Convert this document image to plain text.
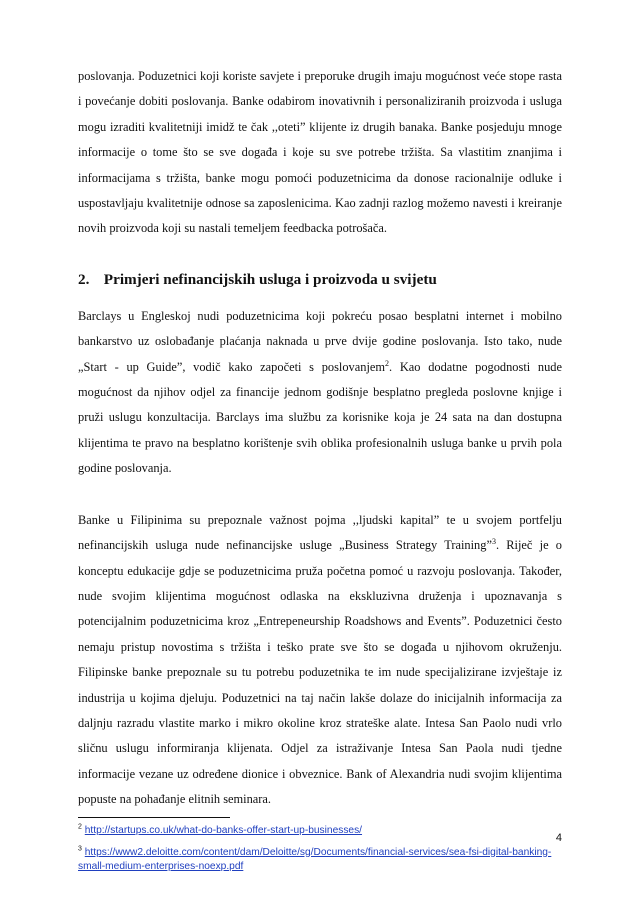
poslovanja. Poduzetnici koji koriste savjete i preporuke drugih imaju mogućnost veće stope rasta i povećanje dobiti poslovanja. Banke odabirom inovativnih i personaliziranih proizvoda i usluga mogu izraditi kvalitetniji imidž te čak ,,oteti” klijente iz drugih banaka. Banke posjeduju mnoge informacije o tome što se sve događa i koje su sve potrebe tržišta. Sa vlastitim znanjima i informacijama s tržišta, banke mogu pomoći poduzetnicima da donose racionalnije odluke i uspostavljaju kvalitetnije odnose sa zaposlenicima. Kao zadnji razlog možemo navesti i kreiranje novih proizvoda koji su nastali temeljem feedbacka potrošača.

2. Primjeri nefinancijskih usluga i proizvoda u svijetu

Barclays u Engleskoj nudi poduzetnicima koji pokreću posao besplatni internet i mobilno bankarstvo uz oslobađanje plaćanja naknada u prve dvije godine poslovanja. Isto tako, nude „Start - up Guide”, vodič kako započeti s poslovanjem$^2$. Kao dodatne pogodnosti nude mogućnost da njihov odjel za financije jednom godišnje besplatno pregleda poslovne knjige i pruži uslugu konzultacija. Barclays ima službu za korisnike koja je 24 sata na dan dostupna klijentima te pravo na besplatno korištenje svih oblika profesionalnih usluga banke u prvih pola godine poslovanja.

Banke u Filipinima su prepoznale važnost pojma ,,ljudski kapital” te u svojem portfelju nefinancijskih usluga nude nefinancijske usluge „Business Strategy Training”$^3$. Riječ je o konceptu edukacije gdje se poduzetnicima pruža početna pomoć u razvoju poslovanja. Također, nude svojim klijentima mogućnost odlaska na ekskluzivna druženja i upoznavanja s potencijalnim poduzetnicima kroz „Entrepeneurship Roadshows and Events”. Poduzetnici često nemaju pristup novostima s tržišta i teško prate sve što se događa u njihovom okruženju. Filipinske banke prepoznale su tu potrebu poduzetnika te im nude specijalizirane izvještaje iz industrija u kojima djeluju. Poduzetnici na taj način lakše dolaze do inicijalnih informacija za daljnju razradu vlastite marko i mikro okoline kroz strateške alate. Intesa San Paolo nudi vrlo sličnu uslugu informiranja klijenata. Odjel za istraživanje Intesa San Paola nudi tjedne informacije vezane uz određene dionice i obveznice. Bank of Alexandria nudi svojim klijentima popuste na pohađanje elitnih seminara.

$^2$ http://startups.co.uk/what-do-banks-offer-start-up-businesses/

$^3$ https://www2.deloitte.com/content/dam/Deloitte/sg/Documents/financial-services/sea-fsi-digital-banking-small-medium-enterprises-noexp.pdf

4
